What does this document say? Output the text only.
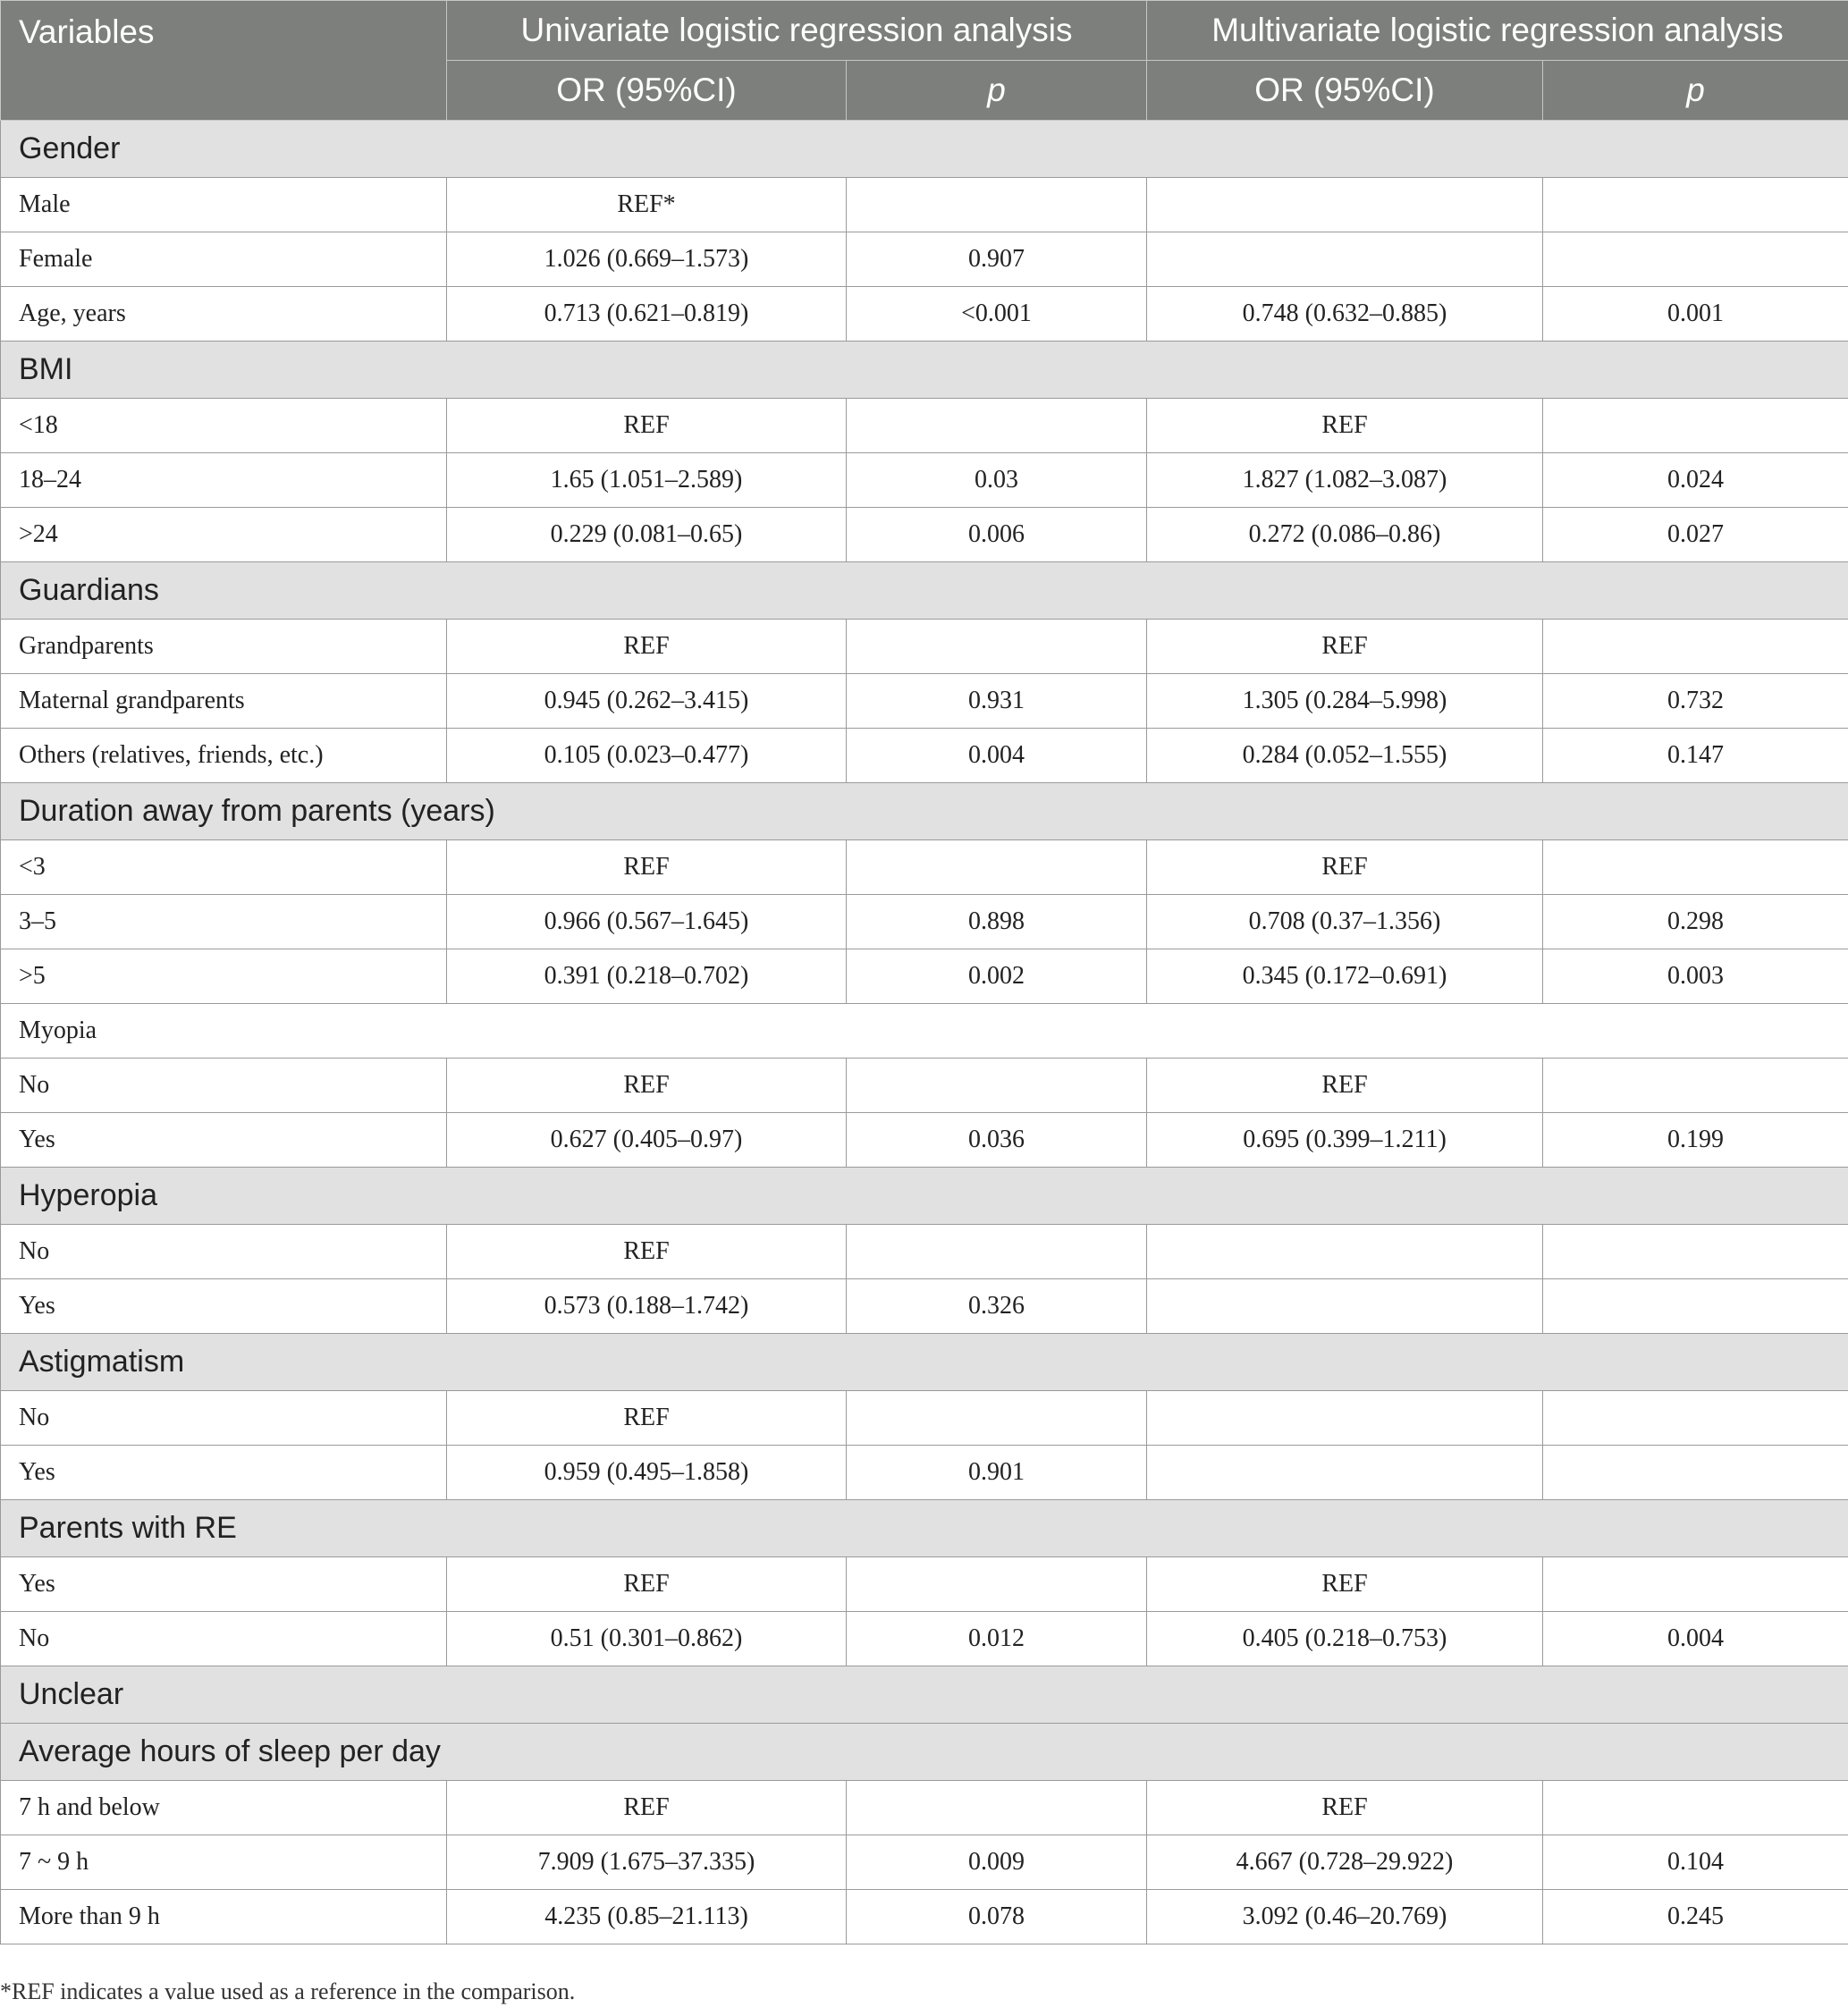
Variables	Univariate logistic regression analysis		Multivariate logistic regression analysis	
	OR (95%CI)	p	OR (95%CI)	p
Gender				
Male	REF*			
Female	1.026 (0.669–1.573)	0.907		
Age, years	0.713 (0.621–0.819)	<0.001	0.748 (0.632–0.885)	0.001
BMI				
<18	REF		REF	
18–24	1.65 (1.051–2.589)	0.03	1.827 (1.082–3.087)	0.024
>24	0.229 (0.081–0.65)	0.006	0.272 (0.086–0.86)	0.027
Guardians				
Grandparents	REF		REF	
Maternal grandparents	0.945 (0.262–3.415)	0.931	1.305 (0.284–5.998)	0.732
Others (relatives, friends, etc.)	0.105 (0.023–0.477)	0.004	0.284 (0.052–1.555)	0.147
Duration away from parents (years)				
<3	REF		REF	
3–5	0.966 (0.567–1.645)	0.898	0.708 (0.37–1.356)	0.298
>5	0.391 (0.218–0.702)	0.002	0.345 (0.172–0.691)	0.003
Myopia				
No	REF		REF	
Yes	0.627 (0.405–0.97)	0.036	0.695 (0.399–1.211)	0.199
Hyperopia				
No	REF			
Yes	0.573 (0.188–1.742)	0.326		
Astigmatism				
No	REF			
Yes	0.959 (0.495–1.858)	0.901		
Parents with RE				
Yes	REF		REF	
No	0.51 (0.301–0.862)	0.012	0.405 (0.218–0.753)	0.004
Unclear				
Average hours of sleep per day				
7 h and below	REF		REF	
7 ~ 9 h	7.909 (1.675–37.335)	0.009	4.667 (0.728–29.922)	0.104
More than 9 h	4.235 (0.85–21.113)	0.078	3.092 (0.46–20.769)	0.245
*REF indicates a value used as a reference in the comparison.
